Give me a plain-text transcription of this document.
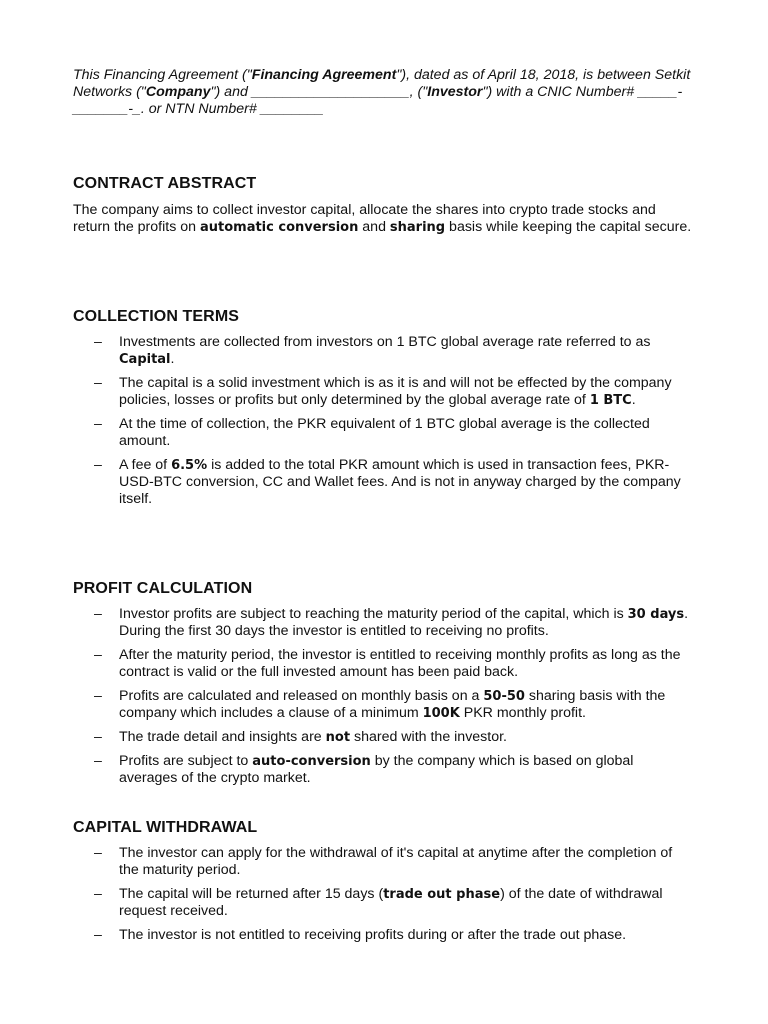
This Financing Agreement ("Financing Agreement"), dated as of April 18, 2018, is between Setkit Networks ("Company") and ____________________, ("Investor") with a CNIC Number# _____-_______-_. or NTN Number# ________

CONTRACT ABSTRACT

The company aims to collect investor capital, allocate the shares into crypto trade stocks and return the profits on automatic conversion and sharing basis while keeping the capital secure.

COLLECTION TERMS
– Investments are collected from investors on 1 BTC global average rate referred to as Capital.
– The capital is a solid investment which is as it is and will not be effected by the company policies, losses or profits but only determined by the global average rate of 1 BTC.
– At the time of collection, the PKR equivalent of 1 BTC global average is the collected amount.
– A fee of 6.5% is added to the total PKR amount which is used in transaction fees, PKR-USD-BTC conversion, CC and Wallet fees. And is not in anyway charged by the company itself.
PROFIT CALCULATION
– Investor profits are subject to reaching the maturity period of the capital, which is 30 days. During the first 30 days the investor is entitled to receiving no profits.
– After the maturity period, the investor is entitled to receiving monthly profits as long as the contract is valid or the full invested amount has been paid back.
– Profits are calculated and released on monthly basis on a 50-50 sharing basis with the company which includes a clause of a minimum 100K PKR monthly profit.
– The trade detail and insights are not shared with the investor.
– Profits are subject to auto-conversion by the company which is based on global averages of the crypto market.
CAPITAL WITHDRAWAL
– The investor can apply for the withdrawal of it's capital at anytime after the completion of the maturity period.
– The capital will be returned after 15 days (trade out phase) of the date of withdrawal request received.
– The investor is not entitled to receiving profits during or after the trade out phase.
